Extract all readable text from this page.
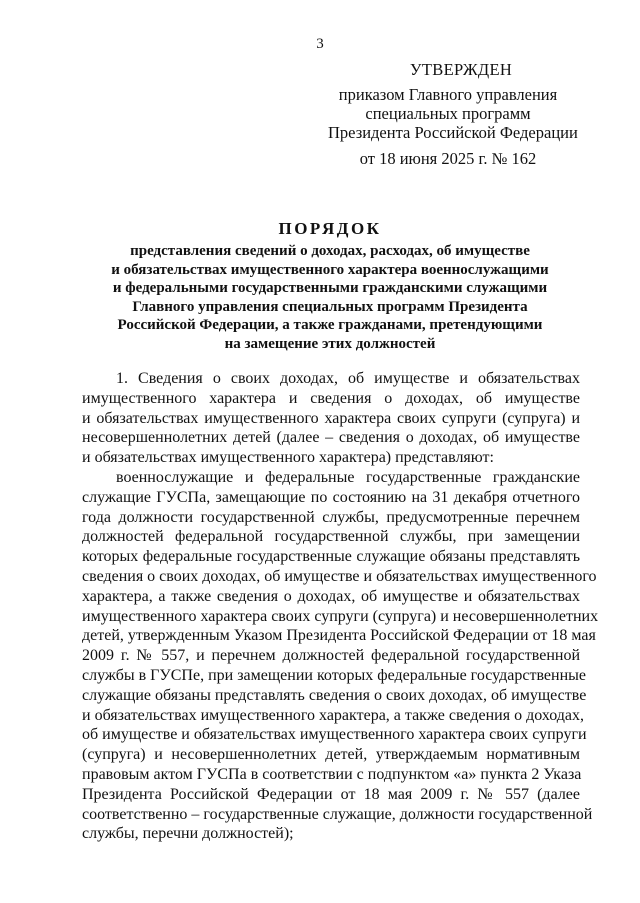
3
УТВЕРЖДЕН
приказом Главного управления
специальных программ
Президента Российской Федерации
от 18 июня 2025 г. № 162
ПОРЯДОК
представления сведений о доходах, расходах, об имуществе
и обязательствах имущественного характера военнослужащими
и федеральными государственными гражданскими служащими
Главного управления специальных программ Президента
Российской Федерации, а также гражданами, претендующими
на замещение этих должностей
1. Сведения о своих доходах, об имуществе и обязательствах
имущественного характера и сведения о доходах, об имуществе
и обязательствах имущественного характера своих супруги (супруга) и
несовершеннолетних детей (далее – сведения о доходах, об имуществе
и обязательствах имущественного характера) представляют:
военнослужащие и федеральные государственные гражданские
служащие ГУСПа, замещающие по состоянию на 31 декабря отчетного
года должности государственной службы, предусмотренные перечнем
должностей федеральной государственной службы, при замещении
которых федеральные государственные служащие обязаны представлять
сведения о своих доходах, об имуществе и обязательствах имущественного
характера, а также сведения о доходах, об имуществе и обязательствах
имущественного характера своих супруги (супруга) и несовершеннолетних
детей, утвержденным Указом Президента Российской Федерации от 18 мая
2009 г. № 557, и перечнем должностей федеральной государственной
службы в ГУСПе, при замещении которых федеральные государственные
служащие обязаны представлять сведения о своих доходах, об имуществе
и обязательствах имущественного характера, а также сведения о доходах,
об имуществе и обязательствах имущественного характера своих супруги
(супруга) и несовершеннолетних детей, утверждаемым нормативным
правовым актом ГУСПа в соответствии с подпунктом «а» пункта 2 Указа
Президента Российской Федерации от 18 мая 2009 г. № 557 (далее
соответственно – государственные служащие, должности государственной
службы, перечни должностей);
